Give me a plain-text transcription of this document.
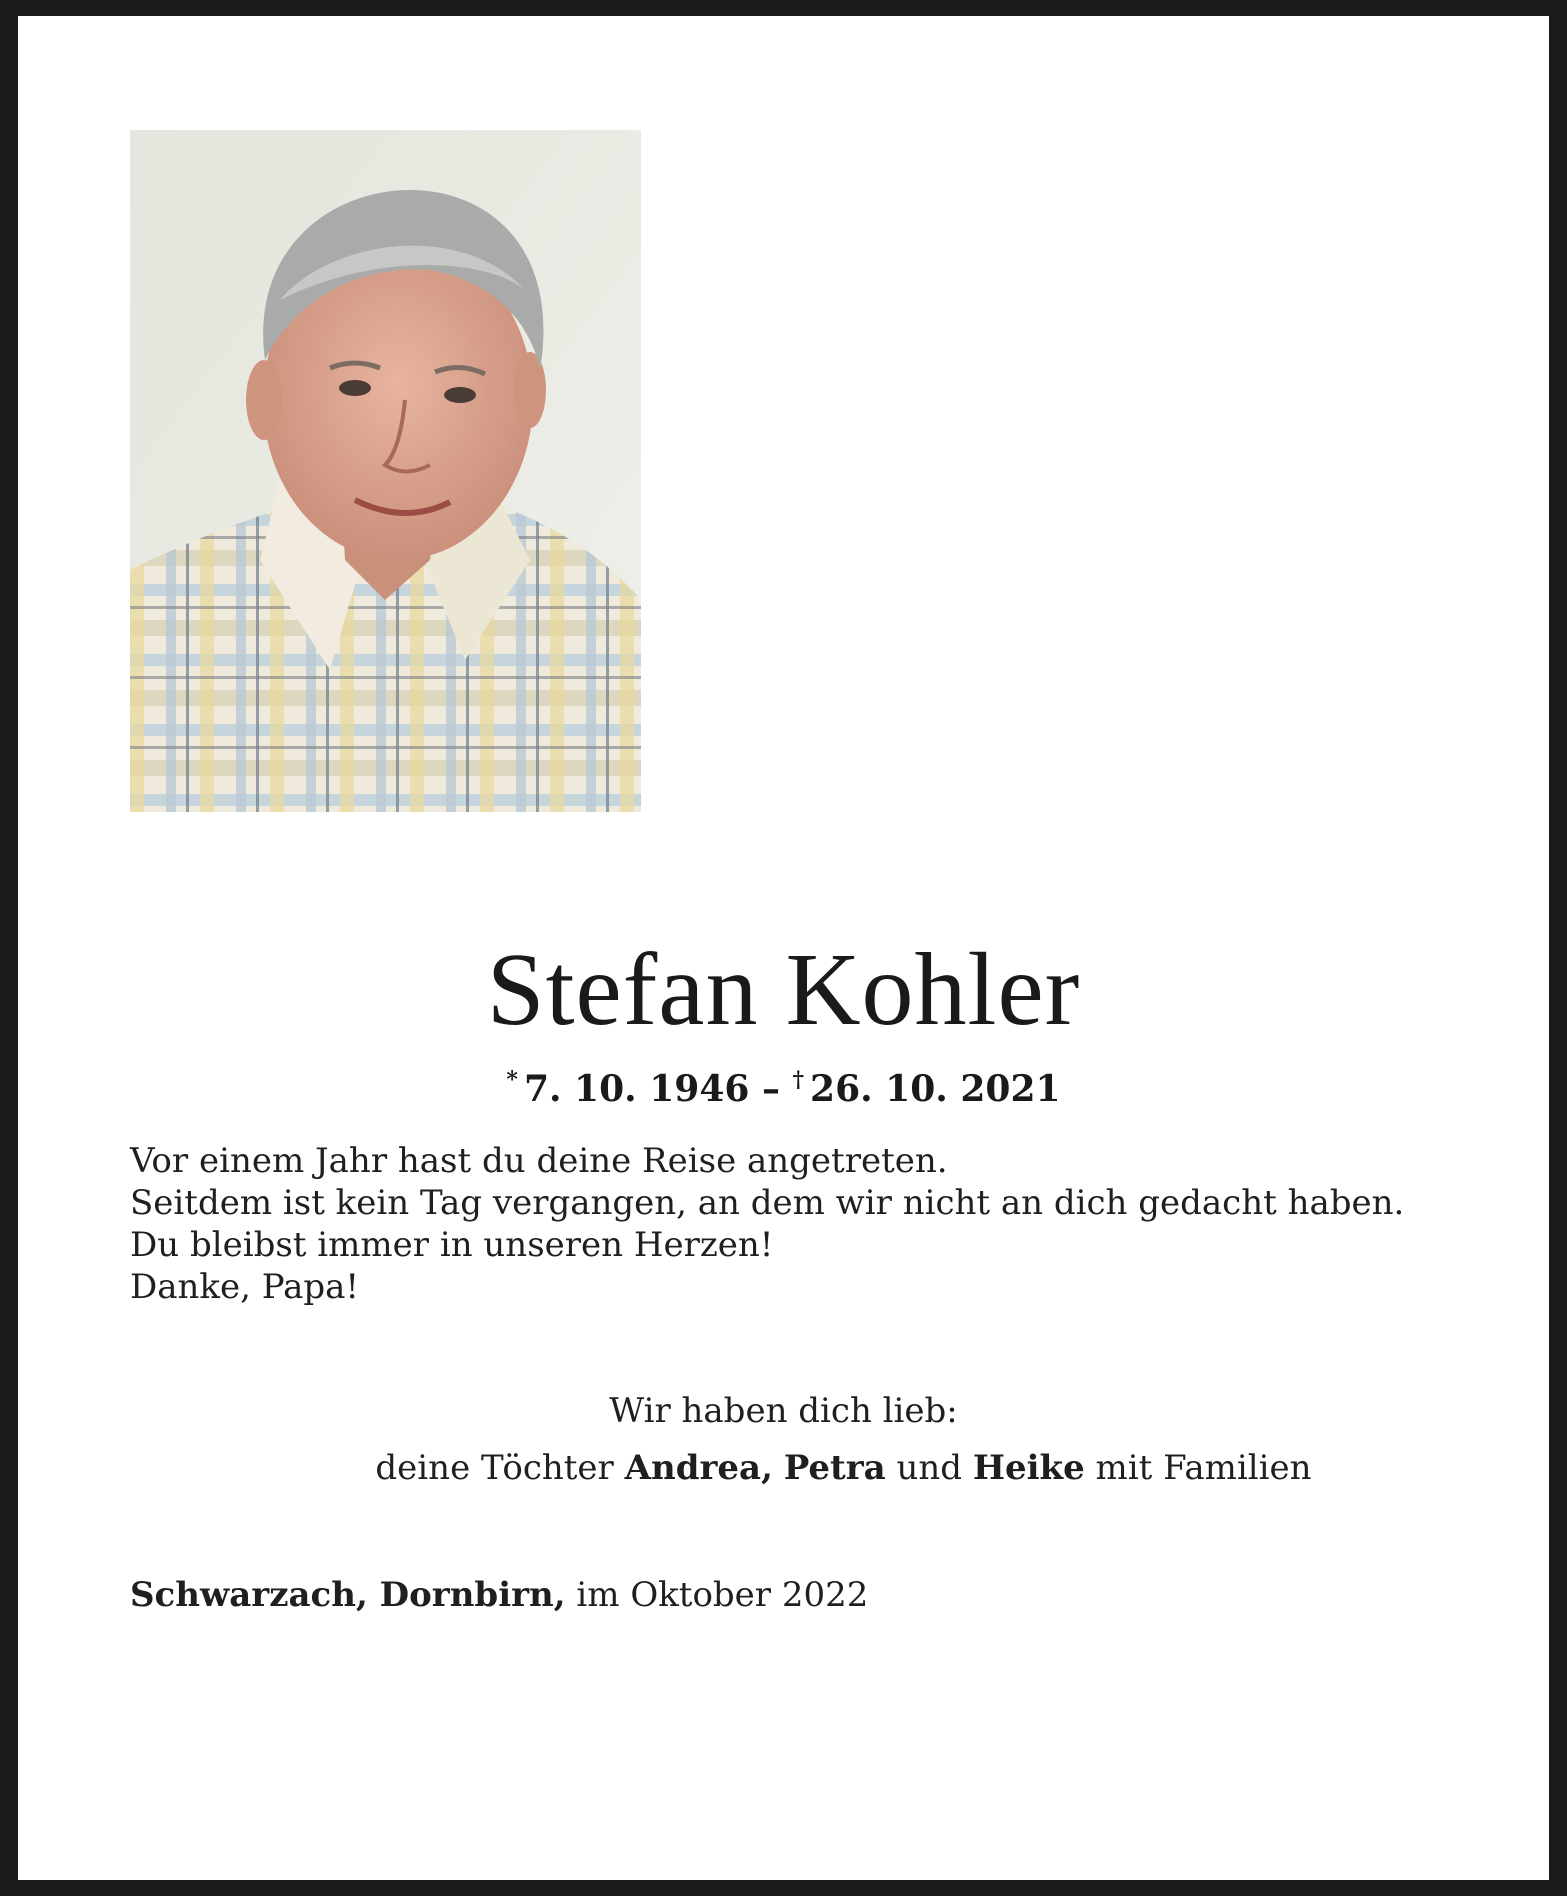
Stefan Kohler
* 7. 10. 1946 – † 26. 10. 2021
Vor einem Jahr hast du deine Reise angetreten.
Seitdem ist kein Tag vergangen, an dem wir nicht an dich gedacht haben.
Du bleibst immer in unseren Herzen!
Danke, Papa!
Wir haben dich lieb:
deine Töchter Andrea, Petra und Heike mit Familien
Schwarzach, Dornbirn, im Oktober 2022
